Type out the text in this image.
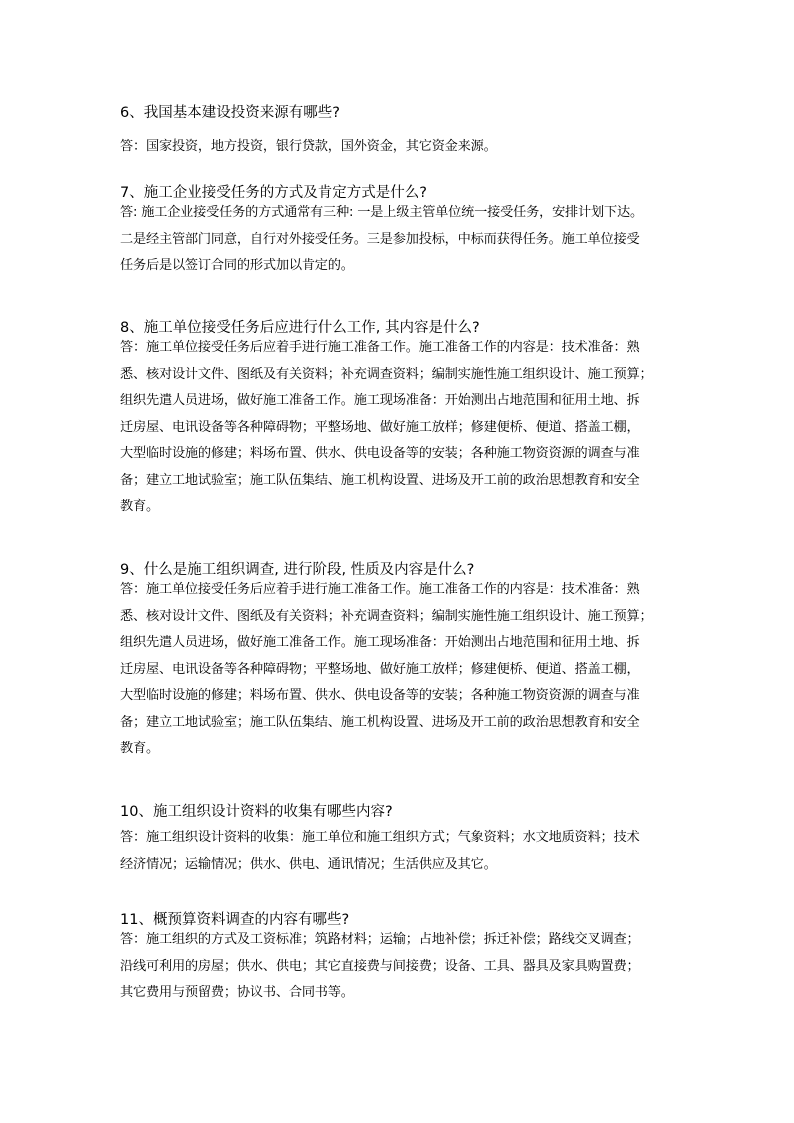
6、我国基本建设投资来源有哪些?

答：国家投资，地方投资，银行贷款，国外资金，其它资金来源。

7、施工企业接受任务的方式及肯定方式是什么?

答: 施工企业接受任务的方式通常有三种: 一是上级主管单位统一接受任务，安排计划下达。
二是经主管部门同意，自行对外接受任务。三是参加投标，中标而获得任务。施工单位接受
任务后是以签订合同的形式加以肯定的。

8、施工单位接受任务后应进行什么工作, 其内容是什么?

答：施工单位接受任务后应着手进行施工准备工作。施工准备工作的内容是：技术准备：熟
悉、核对设计文件、图纸及有关资料；补充调查资料；编制实施性施工组织设计、施工预算；
组织先遣人员进场，做好施工准备工作。施工现场准备：开始测出占地范围和征用土地、拆
迁房屋、电讯设备等各种障碍物；平整场地、做好施工放样；修建便桥、便道、搭盖工棚，
大型临时设施的修建；料场布置、供水、供电设备等的安装；各种施工物资资源的调查与准
备；建立工地试验室；施工队伍集结、施工机构设置、进场及开工前的政治思想教育和安全
教育。

9、什么是施工组织调查, 进行阶段, 性质及内容是什么?

答：施工单位接受任务后应着手进行施工准备工作。施工准备工作的内容是：技术准备：熟
悉、核对设计文件、图纸及有关资料；补充调查资料；编制实施性施工组织设计、施工预算；
组织先遣人员进场，做好施工准备工作。施工现场准备：开始测出占地范围和征用土地、拆
迁房屋、电讯设备等各种障碍物；平整场地、做好施工放样；修建便桥、便道、搭盖工棚，
大型临时设施的修建；料场布置、供水、供电设备等的安装；各种施工物资资源的调查与准
备；建立工地试验室；施工队伍集结、施工机构设置、进场及开工前的政治思想教育和安全
教育。

10、施工组织设计资料的收集有哪些内容?

答：施工组织设计资料的收集：施工单位和施工组织方式；气象资料；水文地质资料；技术
经济情况；运输情况；供水、供电、通讯情况；生活供应及其它。

11、概预算资料调查的内容有哪些?

答：施工组织的方式及工资标准；筑路材料；运输；占地补偿；拆迁补偿；路线交叉调查；
沿线可利用的房屋；供水、供电；其它直接费与间接费；设备、工具、器具及家具购置费；
其它费用与预留费；协议书、合同书等。
